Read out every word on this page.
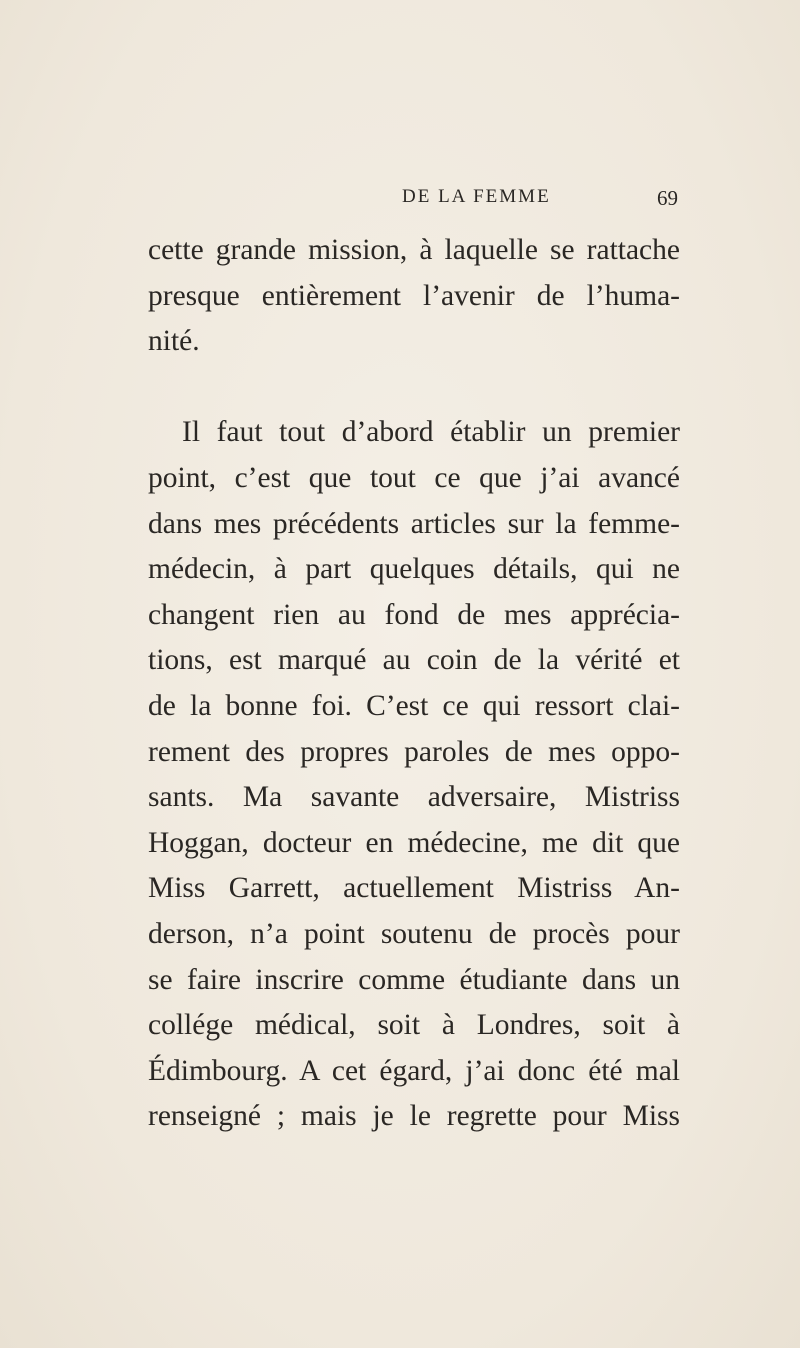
DE LA FEMME	69
cette grande mission, à laquelle se rattache
presque entièrement l’avenir de l’huma-
nité.
Il faut tout d’abord établir un premier
point, c’est que tout ce que j’ai avancé
dans mes précédents articles sur la femme-
médecin, à part quelques détails, qui ne
changent rien au fond de mes apprécia-
tions, est marqué au coin de la vérité et
de la bonne foi. C’est ce qui ressort clai-
rement des propres paroles de mes oppo-
sants. Ma savante adversaire, Mistriss
Hoggan, docteur en médecine, me dit que
Miss Garrett, actuellement Mistriss An-
derson, n’a point soutenu de procès pour
se faire inscrire comme étudiante dans un
collége médical, soit à Londres, soit à
Édimbourg. A cet égard, j’ai donc été mal
renseigné ; mais je le regrette pour Miss
